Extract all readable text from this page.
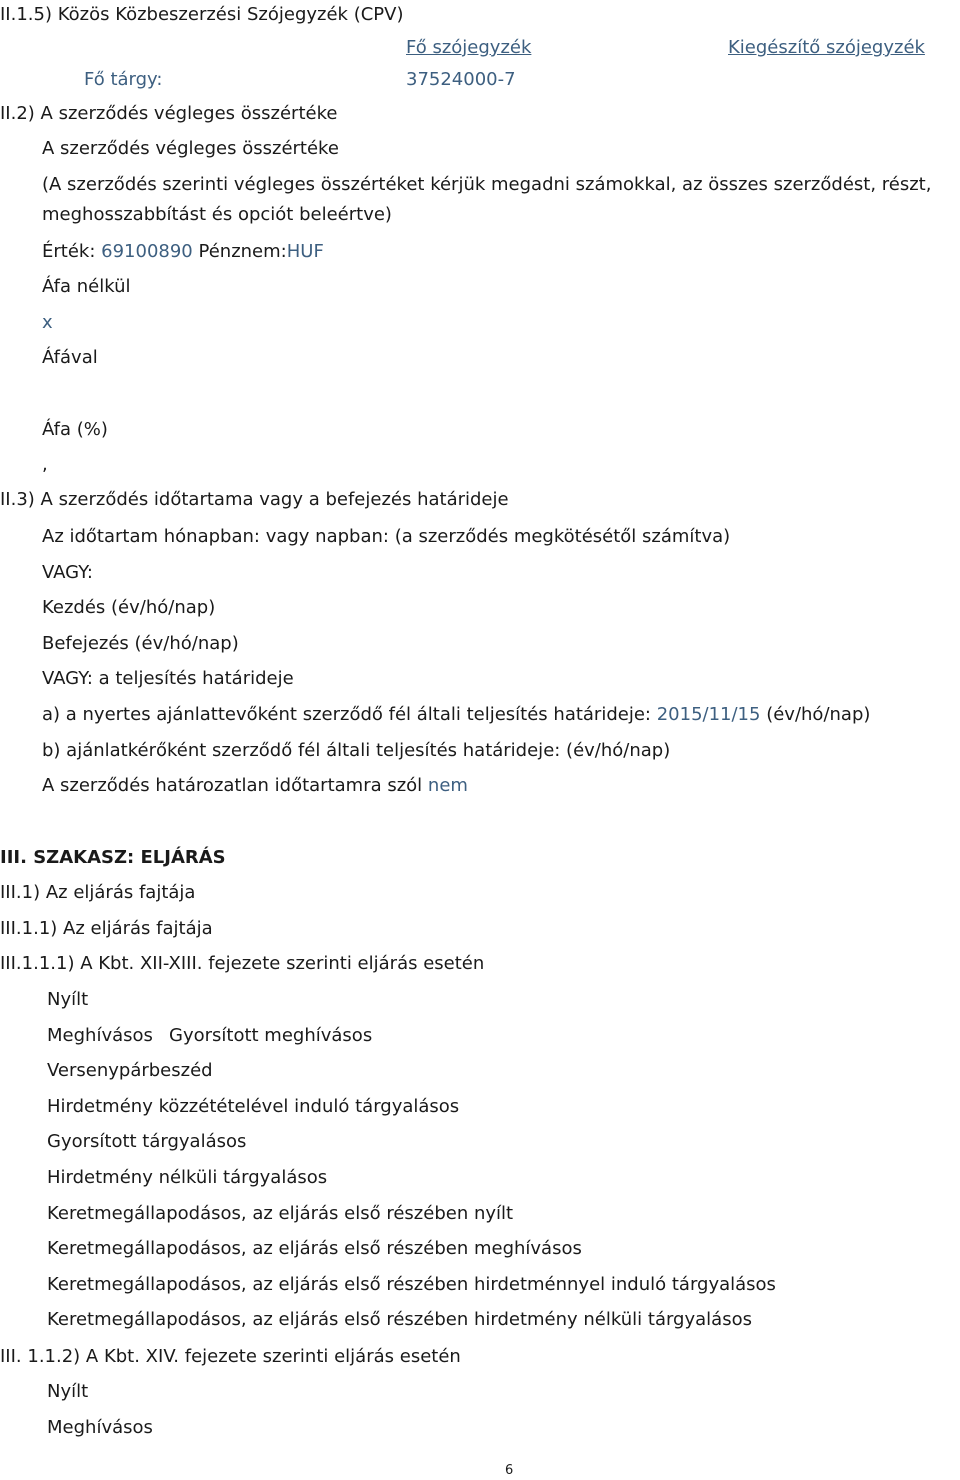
II.1.5) Közös Közbeszerzési Szójegyzék (CPV)
Fő szójegyzék	Kiegészítő szójegyzék
Fő tárgy:	37524000-7
II.2) A szerződés végleges összértéke
A szerződés végleges összértéke
(A szerződés szerinti végleges összértéket kérjük megadni számokkal, az összes szerződést, részt,
meghosszabbítást és opciót beleértve)
Érték: 69100890 Pénznem:HUF
Áfa nélkül
x
Áfával
Áfa (%)
,
II.3) A szerződés időtartama vagy a befejezés határideje
Az időtartam hónapban: vagy napban: (a szerződés megkötésétől számítva)
VAGY:
Kezdés (év/hó/nap)
Befejezés (év/hó/nap)
VAGY: a teljesítés határideje
a) a nyertes ajánlattevőként szerződő fél általi teljesítés határideje: 2015/11/15 (év/hó/nap)
b) ajánlatkérőként szerződő fél általi teljesítés határideje: (év/hó/nap)
A szerződés határozatlan időtartamra szól nem
III. SZAKASZ: ELJÁRÁS
III.1) Az eljárás fajtája
III.1.1) Az eljárás fajtája
III.1.1.1) A Kbt. XII-XIII. fejezete szerinti eljárás esetén
Nyílt
Meghívásos Gyorsított meghívásos
Versenypárbeszéd
Hirdetmény közzétételével induló tárgyalásos
Gyorsított tárgyalásos
Hirdetmény nélküli tárgyalásos
Keretmegállapodásos, az eljárás első részében nyílt
Keretmegállapodásos, az eljárás első részében meghívásos
Keretmegállapodásos, az eljárás első részében hirdetménnyel induló tárgyalásos
Keretmegállapodásos, az eljárás első részében hirdetmény nélküli tárgyalásos
III. 1.1.2) A Kbt. XIV. fejezete szerinti eljárás esetén
Nyílt
Meghívásos
6
